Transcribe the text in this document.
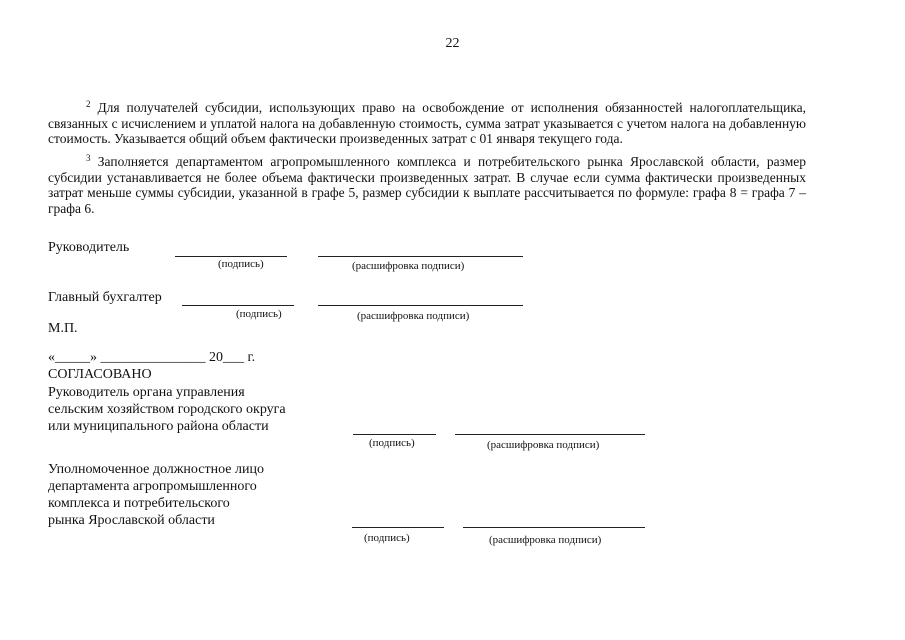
22
$^2$ Для получателей субсидии, использующих право на освобождение от исполнения обязанностей налогоплательщика, связанных с исчислением и уплатой налога на добавленную стоимость, сумма затрат указывается с учетом налога на добавленную стоимость. Указывается общий объем фактически произведенных затрат с 01 января текущего года.
$^3$ Заполняется департаментом агропромышленного комплекса и потребительского рынка Ярославской области, размер субсидии устанавливается не более объема фактически произведенных затрат. В случае если сумма фактически произведенных затрат меньше суммы субсидии, указанной в графе 5, размер субсидии к выплате рассчитывается по формуле: графа 8 = графа 7 – графа 6.
Руководитель
(подпись)	(расшифровка подписи)
Главный бухгалтер
(подпись)	(расшифровка подписи)
М.П.
«_____» _______________ 20___ г.
СОГЛАСОВАНО
Руководитель органа управления
сельским хозяйством городского округа
или муниципального района области
(подпись)	(расшифровка подписи)
Уполномоченное должностное лицо
департамента агропромышленного
комплекса и потребительского
рынка Ярославской области
(подпись)	(расшифровка подписи)
